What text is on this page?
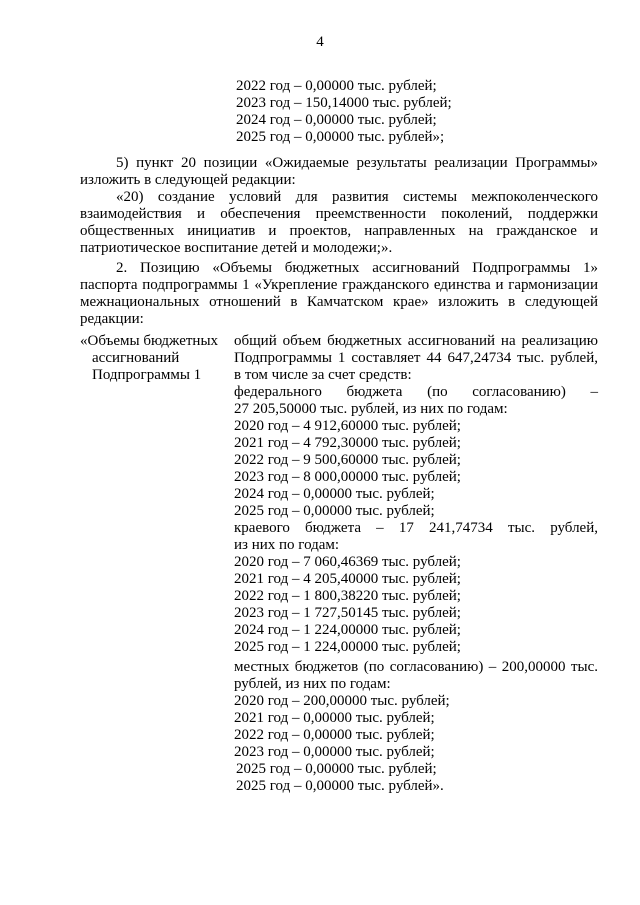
4
2022 год – 0,00000 тыс. рублей;
2023 год – 150,14000 тыс. рублей;
2024 год – 0,00000 тыс. рублей;
2025 год – 0,00000 тыс. рублей»;
5) пункт 20 позиции «Ожидаемые результаты реализации Программы»
изложить в следующей редакции:
«20) создание условий для развития системы межпоколенческого
взаимодействия и обеспечения преемственности поколений, поддержки
общественных инициатив и проектов, направленных на гражданское и
патриотическое воспитание детей и молодежи;».
2. Позицию «Объемы бюджетных ассигнований Подпрограммы 1»
паспорта подпрограммы 1 «Укрепление гражданского единства и гармонизации
межнациональных отношений в Камчатском крае» изложить в следующей
редакции:
«Объемы бюджетных
ассигнований
Подпрограммы 1
общий объем бюджетных ассигнований на реализацию
Подпрограммы 1 составляет 44 647,24734 тыс. рублей,
в том числе за счет средств:
федерального бюджета (по согласованию) –
27 205,50000 тыс. рублей, из них по годам:
2020 год – 4 912,60000 тыс. рублей;
2021 год – 4 792,30000 тыс. рублей;
2022 год – 9 500,60000 тыс. рублей;
2023 год – 8 000,00000 тыс. рублей;
2024 год – 0,00000 тыс. рублей;
2025 год – 0,00000 тыс. рублей;
краевого бюджета – 17 241,74734 тыс. рублей,
из них по годам:
2020 год – 7 060,46369 тыс. рублей;
2021 год – 4 205,40000 тыс. рублей;
2022 год – 1 800,38220 тыс. рублей;
2023 год – 1 727,50145 тыс. рублей;
2024 год – 1 224,00000 тыс. рублей;
2025 год – 1 224,00000 тыс. рублей;
местных бюджетов (по согласованию) – 200,00000 тыс.
рублей, из них по годам:
2020 год – 200,00000 тыс. рублей;
2021 год – 0,00000 тыс. рублей;
2022 год – 0,00000 тыс. рублей;
2023 год – 0,00000 тыс. рублей;
2025 год – 0,00000 тыс. рублей;
2025 год – 0,00000 тыс. рублей».
